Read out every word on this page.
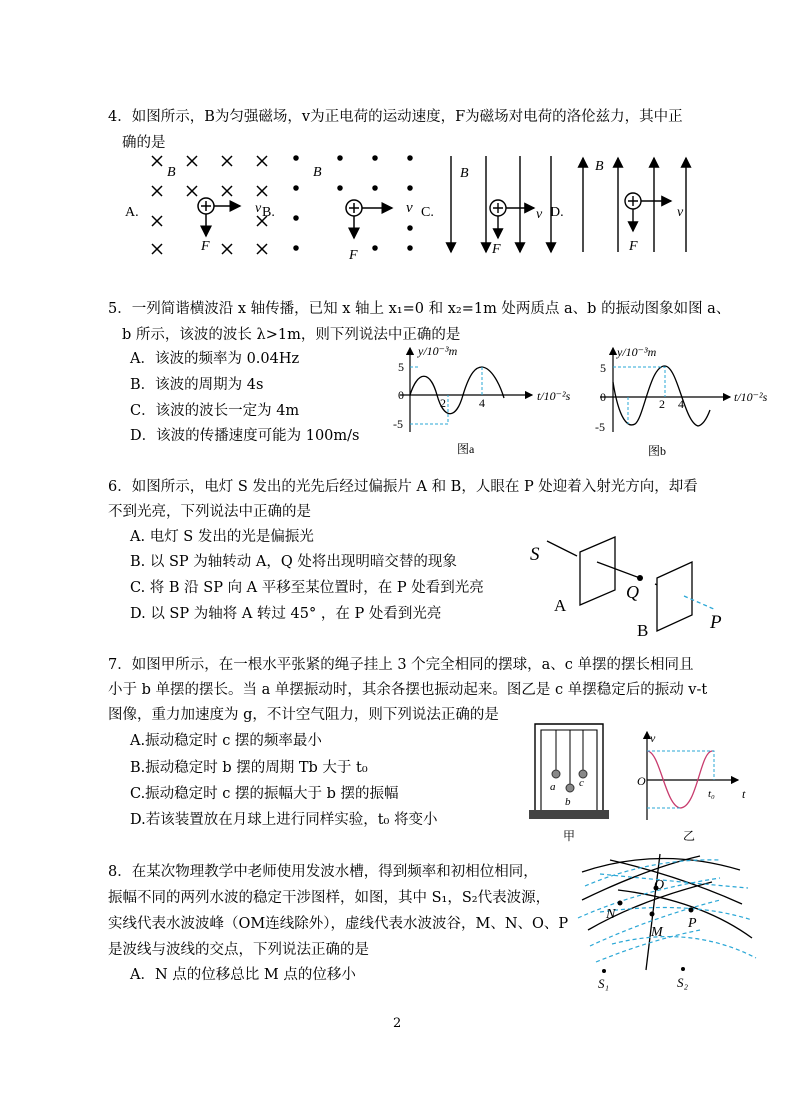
4．如图所示，B为匀强磁场，v为正电荷的运动速度，F为磁场对电荷的洛伦兹力，其中正
确的是
A.
B
v
F
B.
B
v
F
C.
B
v
F
D.
B
v
F
5．一列简谐横波沿 x 轴传播，已知 x 轴上 x₁=0 和 x₂=1m 处两质点 a、b 的振动图象如图 a、
b 所示，该波的波长 λ>1m，则下列说法中正确的是
A．该波的频率为 0.04Hz
B．该波的周期为 4s
C．该波的波长一定为 4m
D．该波的传播速度可能为 100m/s
y/10⁻³m
t/10⁻²s
5
0
-5
2	4
图a
y/10⁻³m
t/10⁻²s
5
0
-5
2 4
图b
6．如图所示，电灯 S 发出的光先后经过偏振片 A 和 B，人眼在 P 处迎着入射光方向，却看
不到光亮，下列说法中正确的是
A. 电灯 S 发出的光是偏振光
B. 以 SP 为轴转动 A，Q 处将出现明暗交替的现象
C. 将 B 沿 SP 向 A 平移至某位置时，在 P 处看到光亮
D. 以 SP 为轴将 A 转过 45° ，在 P 处看到光亮
S
A
Q
B	P
7．如图甲所示，在一根水平张紧的绳子挂上 3 个完全相同的摆球，a、c 单摆的摆长相同且
小于 b 单摆的摆长。当 a 单摆振动时，其余各摆也振动起来。图乙是 c 单摆稳定后的振动 v-t
图像，重力加速度为 g，不计空气阻力，则下列说法正确的是
A.振动稳定时 c 摆的频率最小
B.振动稳定时 b 摆的周期 Tb 大于 t₀
C.振动稳定时 c 摆的振幅大于 b 摆的振幅
D.若该装置放在月球上进行同样实验，t₀ 将变小
a
b
c
甲
v
O
t
t₀
乙
8．在某次物理教学中老师使用发波水槽，得到频率和初相位相同，
振幅不同的两列水波的稳定干涉图样，如图，其中 S₁，S₂代表波源，
实线代表水波波峰（OM连线除外），虚线代表水波波谷，M、N、O、P
是波线与波线的交点，下列说法正确的是
A．N 点的位移总比 M 点的位移小
O
N
M
P
S₁	S₂
2
